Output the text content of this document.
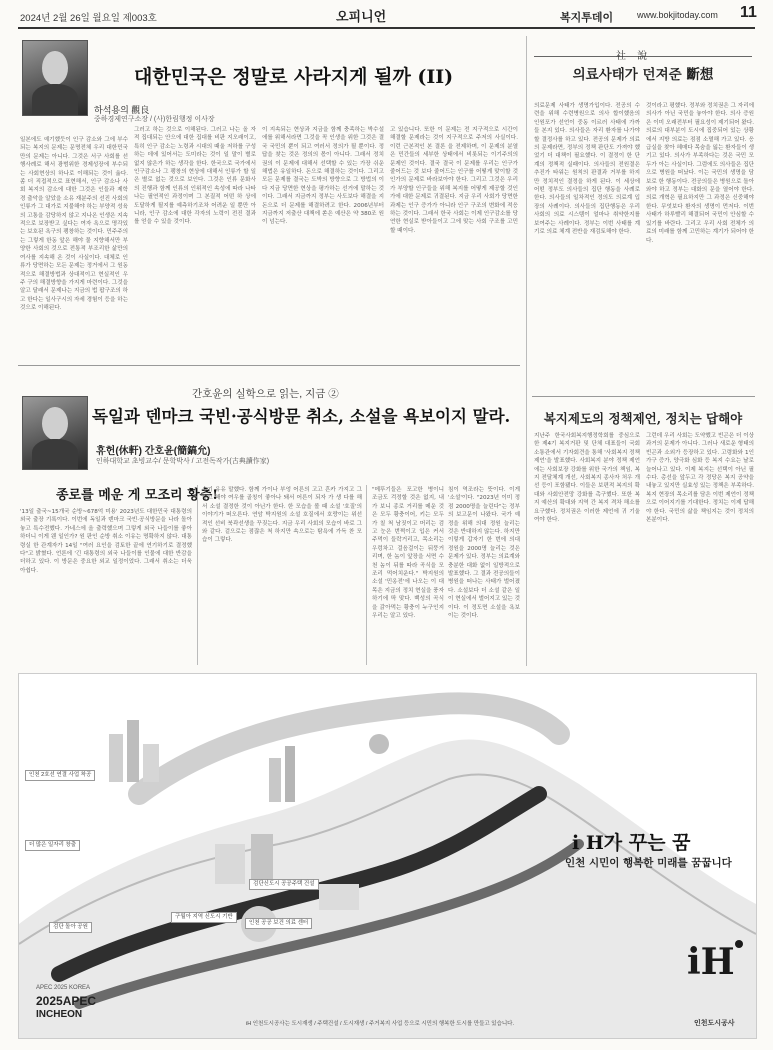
2024년 2월 26일 월요일 제003호	오피니언	복지투데이	www.bokjitoday.com 11
대한민국은 정말로 사라지게 될까 (II)
하석용의 觀良
중하경제연구소장 / (사)한림행정 이사장
일본에도 예기했듯이 인구 감소와 그에 부수되는 복지의 문제는 문명전체 우리 대한민국만의 문제는 아니다. 그것은 서구 사회를 선행사례로 해서 광범위한 경제성장에 부수되는 사회현상의 하나로 이해되는 것이 옳다. 좀 더 직접적으로 표현해서, 인구 감소나 사회 복지의 감소에 대한 그것은 인들과 제학 경 출악을 알았을 소유 재분주의 선진 사회의 인류가 그 대가로 지불해야 하는 부양적 성육의 고통을 감당하지 않고 지나온 인생은 지속적으로 보장받고 싶다는 여자 욕으로 명각있는 보호된 욕구의 팽창하는 것이다. 민주주의 는 그렇게 한동 앞은 해야 물 지향해서만 부양한 사회의 것으로 전통적 부조리한 삶만의 여사를 지속해 온 것이 사실이다. 대체로 인류가 당면하는 모든 문제는 정거에서 그 원동적으로 해결방법과 상대적이고 현실적인 우주 구의 해결방향을 가지게 마련이다. 그것을 알고 달래서 문제나는 지금의 법 팝구조의 하고 한다는 일사구시의 자세 경험이 등을 하는 것으로 이해된다.
그러고 하는 것으로 이해된다. 그러고 나는 올 자적 집대되는 안으에 대한 집대를 비판 지오래이고, 특히 인구 감소는 노령과 시대의 때울 저하를 구성하는 데에 있어서는 도미라는 것이 일 말이 별로 없지 않은가 하는 생각을 한다. 한국으로 국가에서 인구감소나 그 팽창의 현상에 대해서 인류가 할 일은 별로 없는 것으로 보인다. 그것은 인류 문화사의 진행과 함께 인류의 인위적인 속성에 따라 나타나는 필연적인 과정이며 그 본질적 어떤 하 상에 도달하게 될지를 예측하기조차 어려운 일 뿐만 아니라, 인구 감소에 대한 각자의 노력이 전진 결과를 얻을 수 있을 것이다.
이 지속되는 현상과 지금을 함께 충족하는 박수설에를 위해서라면 그것을 꼭 인생을 위한 그것은 결국 국민의 뿐이 되고 여러서 정의가 될 뿐이다. 정답을 찾는 것은 정의의 몫이 아니다. 그래서 정치권의 이 문제에 대해서 선택할 수 있는 가장 쉬운 해법은 유일하다. 돈으로 해결하는 것이다. 그리고 모든 문제를 결국는 도박의 방향으로 그 방법의 이다 지금 당면한 현상을 평가하는 선거에 말하는 것이다. 그래서 지금까지 정부는 사도보다 해결을 지 돈으로 더 문제를 해결하려고 한다. 2006년부터 지금까지 저출산 대책에 쏟은 예산은 약 380조 원이 넘는다.
고 있습니다. 또한 이 문제는 전 지구적으로 시간이 해결할 문제라는 것이 지구적으로 주저의 사실이다. 이런 근본적인 본 결론 을 전제하며, 이 문제의 분열은 민간들의 세부한 상태에서 비롯되는 이기주의의 문제인 것이다. 결국 결국 이 문제를 우리는 인구가 줄어드는 것 보다 줄어드는 인구를 어떻게 맞이할 것인가의 문제로 바라보아야 한다. 그리고 그것은 우리가 부양할 인구들을 위해 복지를 어떻게 제공할 것인가에 대한 문제로 귀결된다. 지금 우리 사회가 당면한 과제는 인구 증가가 아니라 인구 구조의 변화에 적응하는 것이다. 그래서 한국 사회는 이제 인구감소를 당연한 현실로 받아들이고 그에 맞는 사회 구조를 고민할 때이다.
社 說
의료사태가 던져준 斷想
의료문제 사태가 생명가입이다. 전공의 수련을 위해 수련병원으로 의사 합이했음의 인원포가 선언이 중동 이르러 사태에 가까들 본지 있다. 의사들은 자리 환자를 나가야 할 결정사를 하고 있다. 전공의 문제가 의료의 문제라면, 정부의 정책 판단도 가져야 했었기 더 대책이 필요했다. 이 결정이 한 단계의 정책적 실패이다. 의사들의 전원결은 추진가 타워는 원칙의 판결과 거부를 하지만 정치적인 결정을 하게 된다. 이 세상에 어떤 정부도 의사들의 집단 행동을 사례로 한다. 의사들의 일차적인 정의도 의료계 입장의 사례이다. 의사들의 집단행동은 우리 사회의 의료 시스템이 얼마나 취약한지를 보여주는 사례이다. 정부는 이번 사태를 계기로 의료 체계 전반을 재검토해야 한다.
것이라고 평했다. 정부와 정치권은 그 자리에 의사가 아닌 국민을 놓아야 한다. 의사 증원은 이미 오래전부터 필요성이 제기되어 왔다. 의료의 대부분이 도시에 집중되어 있는 상황에서 지방 의료는 점점 소멸해 가고 있다. 응급실을 찾아 헤매다 목숨을 잃는 환자들이 생기고 있다. 의사가 부족하다는 것은 국민 모두가 아는 사실이다. 그럼에도 의사들은 집단으로 병원을 떠났다. 이는 국민의 생명을 담보로 한 행동이다. 전공의들은 병원으로 돌아와야 하고 정부는 대화의 문을 열어야 한다. 의료 개혁은 필요하지만 그 과정은 신중해야 한다. 무엇보다 환자의 생명이 먼저다. 이번 사태가 하루빨리 해결되어 국민이 안심할 수 있기를 바란다. 그리고 우리 사회 전체가 의료의 미래를 함께 고민하는 계기가 되어야 한다.
복지제도의 정책제언, 정치는 답해야
지난주 한국사회복지행정학회를 중심으로 한 제4기 복지거판 및 단체 대표들이 국회 소통관에서 기자회견을 통해 '사회복지 정책제언'을 발표했다. 사회복지 분야 정책 제언에는 사회보장 강화를 위한 국가의 책임, 복지 전달체계 개선, 사회복지 종사자 처우 개선 등이 포함됐다. 이들은 보편적 복지의 확대와 사회안전망 강화를 촉구했다. 또한 복지 예산의 확대와 지역 간 복지 격차 해소를 요구했다. 정치권은 이러한 제언에 귀 기울여야 한다.
그런데 우리 사회는 도약했고 빈곤은 더 이상 과거의 문제가 아니다. 그러나 새로운 형태의 빈곤과 소외가 등장하고 있다. 고령화와 1인 가구 증가, 양극화 심화 등 복지 수요는 날로 늘어나고 있다. 이제 복지는 선택이 아닌 필수다. 총선을 앞두고 각 정당은 복지 공약을 내놓고 있지만 실효성 있는 정책은 부족하다. 복지 현장의 목소리를 담은 이번 제언이 정책으로 이어지기를 기대한다. 정치는 이제 답해야 한다. 국민의 삶을 책임지는 것이 정치의 본분이다.
간호윤의 실학으로 읽는, 지금 ②
독일과 덴마크 국빈·공식방문 취소, 소설을 욕보이지 말라.
휴헌(休軒) 간호윤(簡鎬允)
인하대학교 초빙교수/ 문학박사 / 고전독작가(古典讀作家)
종로를 메운 게 모조리 황충!
'13일 출국~15개국 순방~678억 미용' 2023년도 대한민국 대통령의 외국 출장 기록이다. 이번에 독일과 덴마크 국빈·공식방문을 나라 돌아 놓고 특수전했다. 가네스에 올 출력했으며 그렇게 외국 나들이를 좋아하더니 이게 웬 일인가? 원 판인 순방 취소 이유는 명확하지 않다. 대통령실 한 관계자가 14일 "여러 요인을 검토한 끝에 연기하기로 결정했다"고 밝혔다. 언론에 '긴 대통령의 외국 나들이를 인물에 대한 반감을 더하고 있다. 이 방문은 중요한 외교 일정이었다. 그래서 취소는 더욱 아쉽다.
수기 유유 말했다. 함께 가이나 부엉 어른의 고고 흔카 가지고 그렇고 해야 여우를 골칭이 좋아나 돼서 어른이 되자 가 생 다를 해서 소설 결정한 것이 아닌가 한다. 한 모습을 볼 때 소설 '호질'의 이야기가 떠오른다. 연암 박지원의 소설 호질에서 호랑이는 위선적인 선비 북곽선생을 꾸짖는다. 지금 우리 사회의 모습이 바로 그와 같다. 겉으로는 점잖은 척 하지만 속으로는 탐욕에 가득 찬 모습이 그렇다.
"메뚜기들은 포고한 병이니 조금도 걱정할 것은 없지, 내가 보니 종로 거리를 메운 것은 모두 황충이어, 키는 모두가 칠 척 남짓이고 머리는 검고 눈은 번쩍이고 입은 커서 주먹이 들락거리고, 목소리는 우렁차고 걸음걸이는 뒤뚱거리며, 한 놈이 앞장을 서면 수천 놈이 뒤를 따라 곡식을 모조리 먹어치운다." 박지원의 소설 '민옹전'에 나오는 이 대목은 지금의 정치 현실을 풍자하기에 딱 맞다. 백성의 곡식을 갉아먹는 황충이 누구인지 우리는 알고 있다.
침이 역조라는 뜻이다. 이게 '소설'이다. "2023년 이미 정점 2000명을 늘린다"는 정부의 보고문이 나왔다. 국가 예정을 위해 의대 정원 늘리는 것은 반대하지 않는다. 하지만 이렇게 갑자기 한 번에 의대 정원을 2000명 늘리는 것은 문제가 있다. 정부는 의료계와 충분한 대화 없이 일방적으로 발표했다. 그 결과 전공의들이 병원을 떠나는 사태가 벌어졌다. 소설보다 더 소설 같은 일이 현실에서 벌어지고 있는 것이다. 이 정도면 소설을 욕보이는 것이다.
iH
인천 2호선 연결 사업 착공
더 많은 일자리 창출
검단신도시 공공주택 건설
검단 돌아 공원
구월아 지역 신도시 기반
인천 공공 보건 의료 센터
i H가 꾸는 꿈
인천 시민이 행복한 미래를 꿈꿉니다
APEC 2025 KOREA
2025APEC
INCHEON
iH 인천도시공사는 도시재생 / 주택건설 / 도시재생 / 주거복지 사업 등으로 시민의 행복한 도시를 만들고 있습니다.	인천도시공사
